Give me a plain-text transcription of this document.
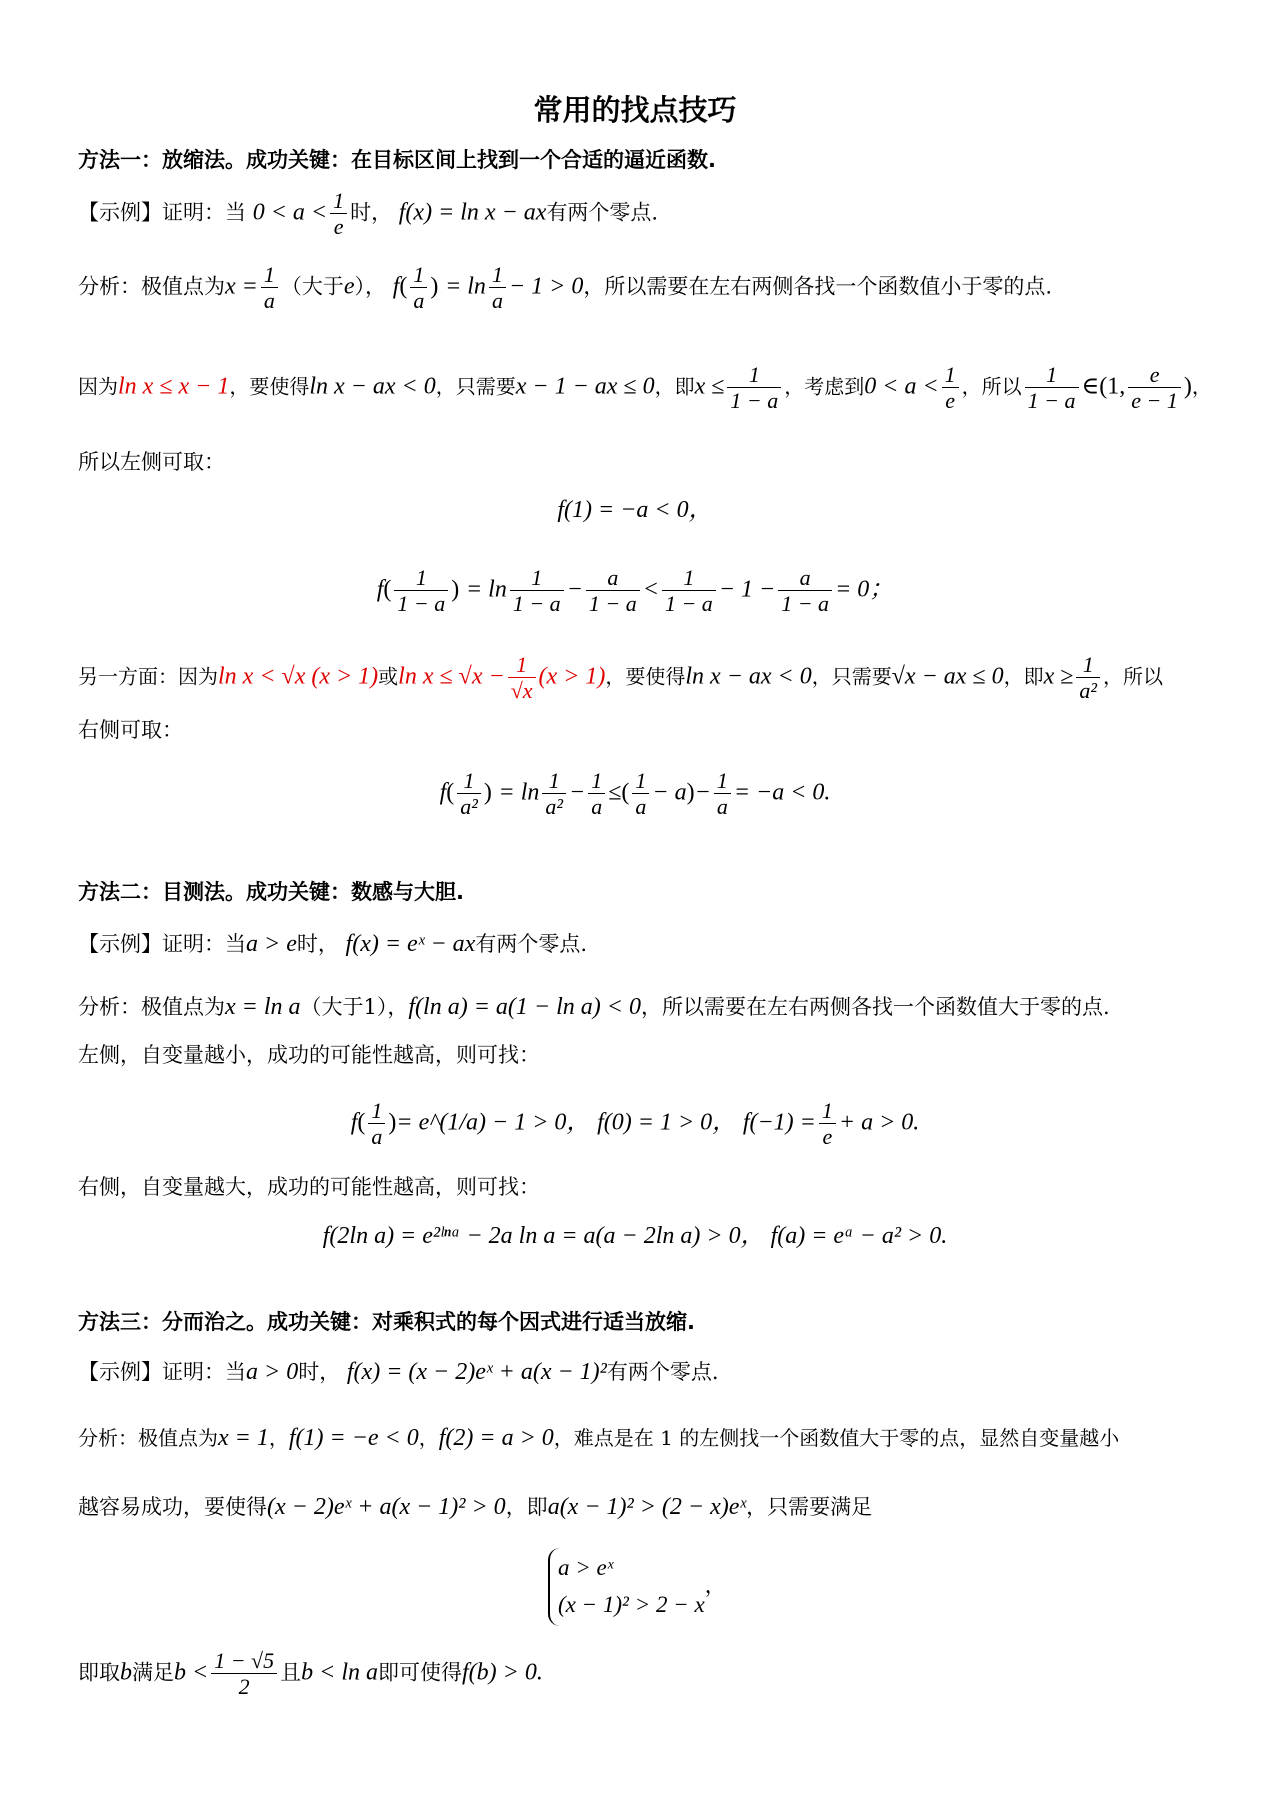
常用的找点技巧
方法一：放缩法。成功关键：在目标区间上找到一个合适的逼近函数.
【示例】证明：当 $0 < a < \frac{1}{e}$ 时， f(x) = ln x − ax有两个零点.
分析：极值点为$x = \frac{1}{a}$ （大于e）， $f( \frac{1}{a}$ ) = $\ln \frac{1}{a} - 1 > 0$，所以需要在左右两侧各找一个函数值小于零的点.
因为ln x ≤ x − 1，要使得ln x − ax < 0，只需要x − 1 − ax ≤ 0，即$x \le \frac{1}{1 - a}$ ，考虑到$0 < a < \frac{1}{e}$ ，所以 $\frac{1}{1 - a}$ ∈(1, $\frac{e}{e - 1}$ )，
所以左侧可取：
f(1) = −a < 0，
$f( \frac{1}{1 - a}$ ) = $\ln \frac{1}{1 - a} - \frac{a}{1 - a} < \frac{1}{1 - a} - 1 - \frac{a}{1 - a} = 0$；
另一方面：因为ln x < √x (x > 1)或$\ln x \le √x - \frac{1}{√x} (x > 1)$，要使得ln x − ax < 0，只需要√x − ax ≤ 0，即$x \ge \frac{1}{\text{a²}}$ ，所以
右侧可取：
$f( \frac{1}{\text{a²}}$ ) = $\ln \frac{1}{\text{a²}} - \frac{1}{a}$ ≤( $\frac{1}{a} - a)- \frac{1}{a} = -a < 0$.
方法二：目测法。成功关键：数感与大胆.
【示例】证明：当a > e时， f(x) = eˣ − ax有两个零点.
分析：极值点为x = ln a（大于1），f(ln a) = a(1 − ln a) < 0，所以需要在左右两侧各找一个函数值大于零的点.
左侧，自变量越小，成功的可能性越高，则可找：
$f( \frac{1}{a}$ )= e^(1/a) − 1 > 0， f(0) = 1 > 0， $f(-1) = \frac{1}{e} + a > 0$.
右侧，自变量越大，成功的可能性越高，则可找：
f(2ln a) = e²ˡⁿᵃ − 2a ln a = a(a − 2ln a) > 0， f(a) = eᵃ − a² > 0.
方法三：分而治之。成功关键：对乘积式的每个因式进行适当放缩.
【示例】证明：当a > 0时， f(x) = (x − 2)eˣ + a(x − 1)²有两个零点.
分析：极值点为x = 1，f(1) = −e < 0，f(2) = a > 0，难点是在 1 的左侧找一个函数值大于零的点，显然自变量越小
越容易成功，要使得(x − 2)eˣ + a(x − 1)² > 0，即a(x − 1)² > (2 − x)eˣ，只需要满足
a > eˣ
(x − 1)² > 2 − x
，
即取b满足$b < \frac{1 - √5}{2}$ 且b < ln a即可使得f(b) > 0.
